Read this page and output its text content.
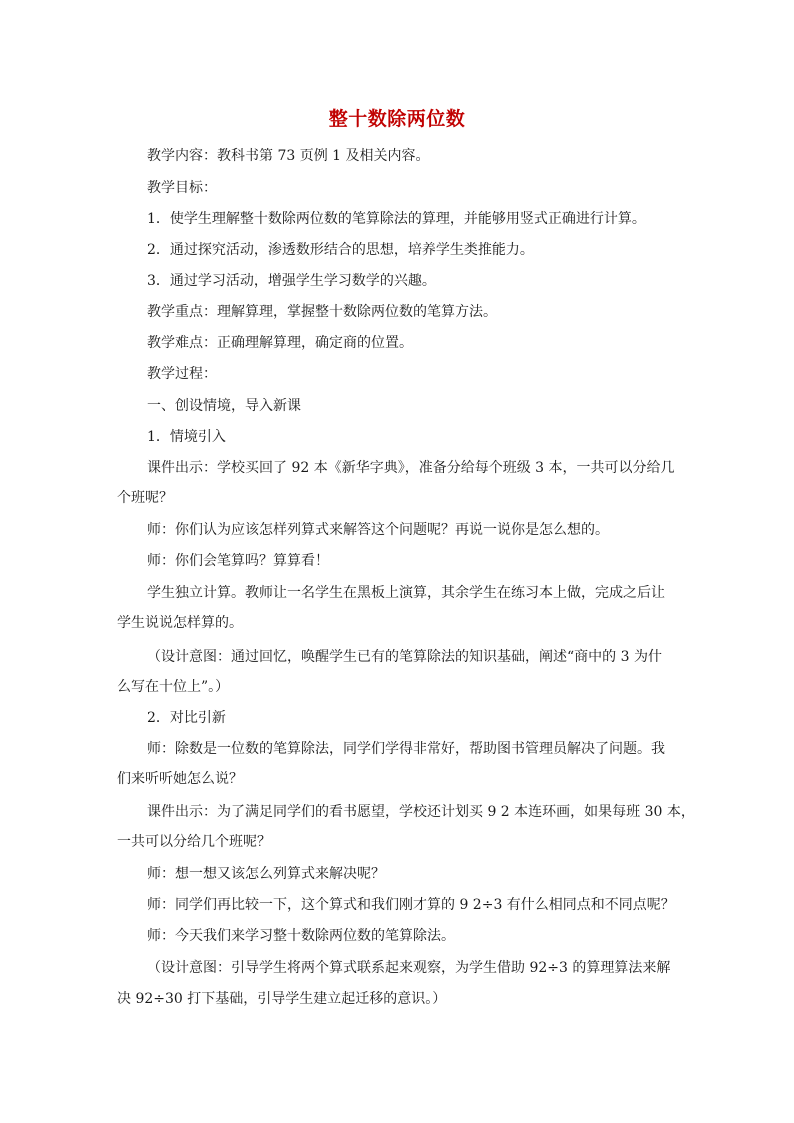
整十数除两位数
教学内容：教科书第 73 页例 1 及相关内容。
教学目标：
1．使学生理解整十数除两位数的笔算除法的算理，并能够用竖式正确进行计算。
2．通过探究活动，渗透数形结合的思想，培养学生类推能力。
3．通过学习活动，增强学生学习数学的兴趣。
教学重点：理解算理，掌握整十数除两位数的笔算方法。
教学难点：正确理解算理，确定商的位置。
教学过程：
一、创设情境，导入新课
1．情境引入
课件出示：学校买回了 92 本《新华字典》，准备分给每个班级 3 本，一共可以分给几
个班呢？
师：你们认为应该怎样列算式来解答这个问题呢？再说一说你是怎么想的。
师：你们会笔算吗？算算看！
学生独立计算。教师让一名学生在黑板上演算，其余学生在练习本上做，完成之后让
学生说说怎样算的。
（设计意图：通过回忆，唤醒学生已有的笔算除法的知识基础，阐述“商中的 3 为什
么写在十位上”。）
2．对比引新
师：除数是一位数的笔算除法，同学们学得非常好，帮助图书管理员解决了问题。我
们来听听她怎么说？
课件出示：为了满足同学们的看书愿望，学校还计划买 9 2 本连环画，如果每班 30 本，
一共可以分给几个班呢？
师：想一想又该怎么列算式来解决呢？
师：同学们再比较一下，这个算式和我们刚才算的 9 2÷3 有什么相同点和不同点呢？
师：今天我们来学习整十数除两位数的笔算除法。
（设计意图：引导学生将两个算式联系起来观察，为学生借助 92÷3 的算理算法来解
决 92÷30 打下基础，引导学生建立起迁移的意识。）
